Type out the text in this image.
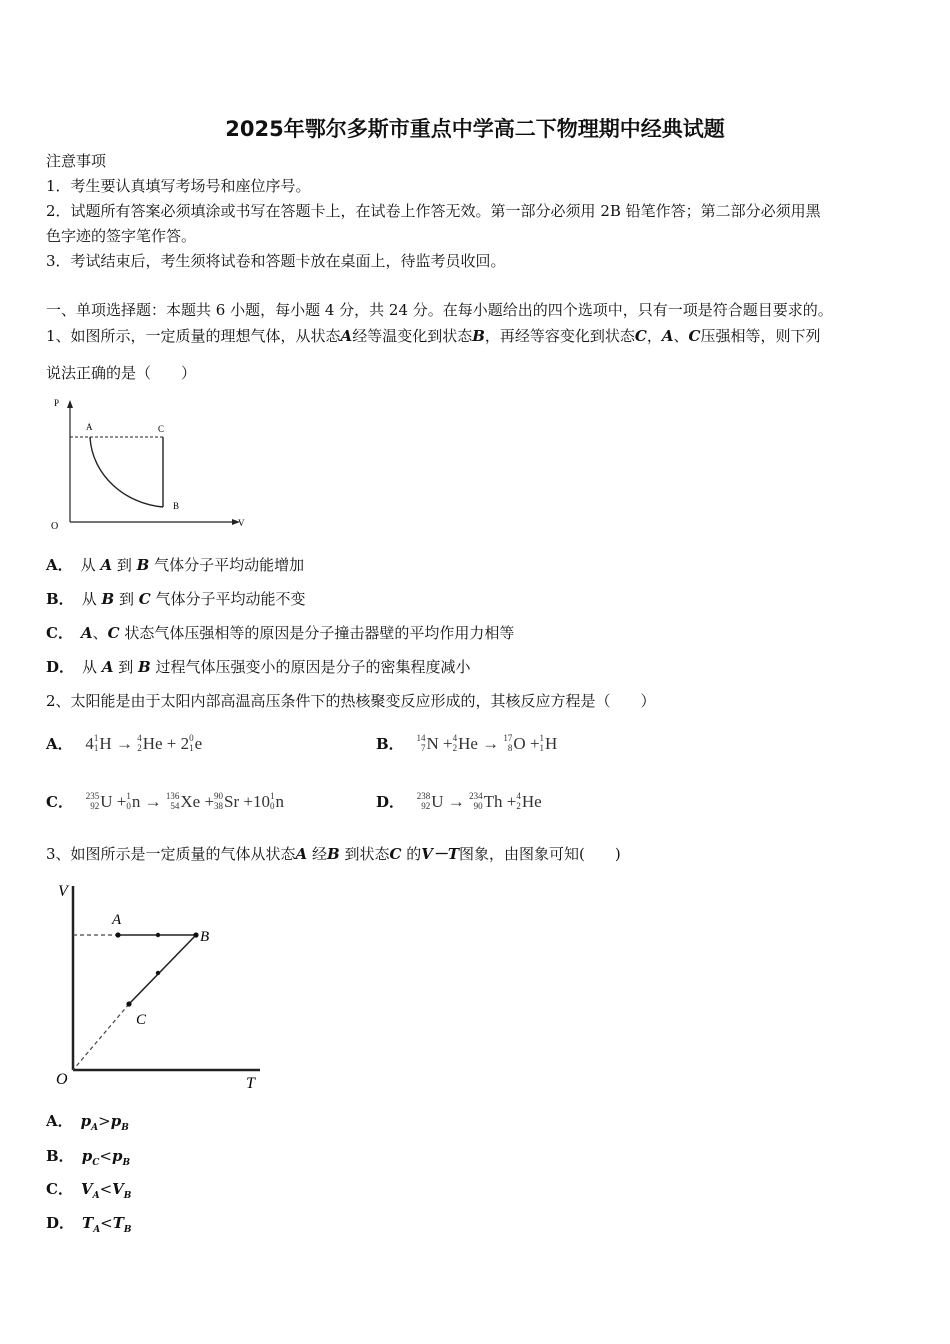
2025年鄂尔多斯市重点中学高二下物理期中经典试题
注意事项
1．考生要认真填写考场号和座位序号。
2．试题所有答案必须填涂或书写在答题卡上，在试卷上作答无效。第一部分必须用 2B 铅笔作答；第二部分必须用黑
色字迹的签字笔作答。
3．考试结束后，考生须将试卷和答题卡放在桌面上，待监考员收回。
一、单项选择题：本题共 6 小题，每小题 4 分，共 24 分。在每小题给出的四个选项中，只有一项是符合题目要求的。
1、如图所示，一定质量的理想气体，从状态A经等温变化到状态B，再经等容变化到状态C，A、C压强相等，则下列
说法正确的是（　　）
P
V
O
A	C
B
A． 从 A 到 B 气体分子平均动能增加
B． 从 B 到 C 气体分子平均动能不变
C． A、C 状态气体压强相等的原因是分子撞击器壁的平均作用力相等
D． 从 A 到 B 过程气体压强变小的原因是分子的密集程度减小
2、太阳能是由于太阳内部高温高压条件下的热核聚变反应形成的，其核反应方程是（　　）
A． 4 1
1 H → 4
2 He + 2 0
1 e	B． 14
7 N + 4
2 He → 17
8 O + 1
1 H
C． 235
92 U + 1
0 n → 136
54 Xe + 90
38 Sr +10 1
0 n	D． 238
92 U → 234
90 Th + 4
2 He
3、如图所示是一定质量的气体从状态A 经B 到状态C 的V－T图象，由图象可知(　　)
V
T
O
A
B
C
A． $p_A>p_B$
B． $p_C<p_B$
C． $V_A<V_B$
D． $T_A<T_B$
